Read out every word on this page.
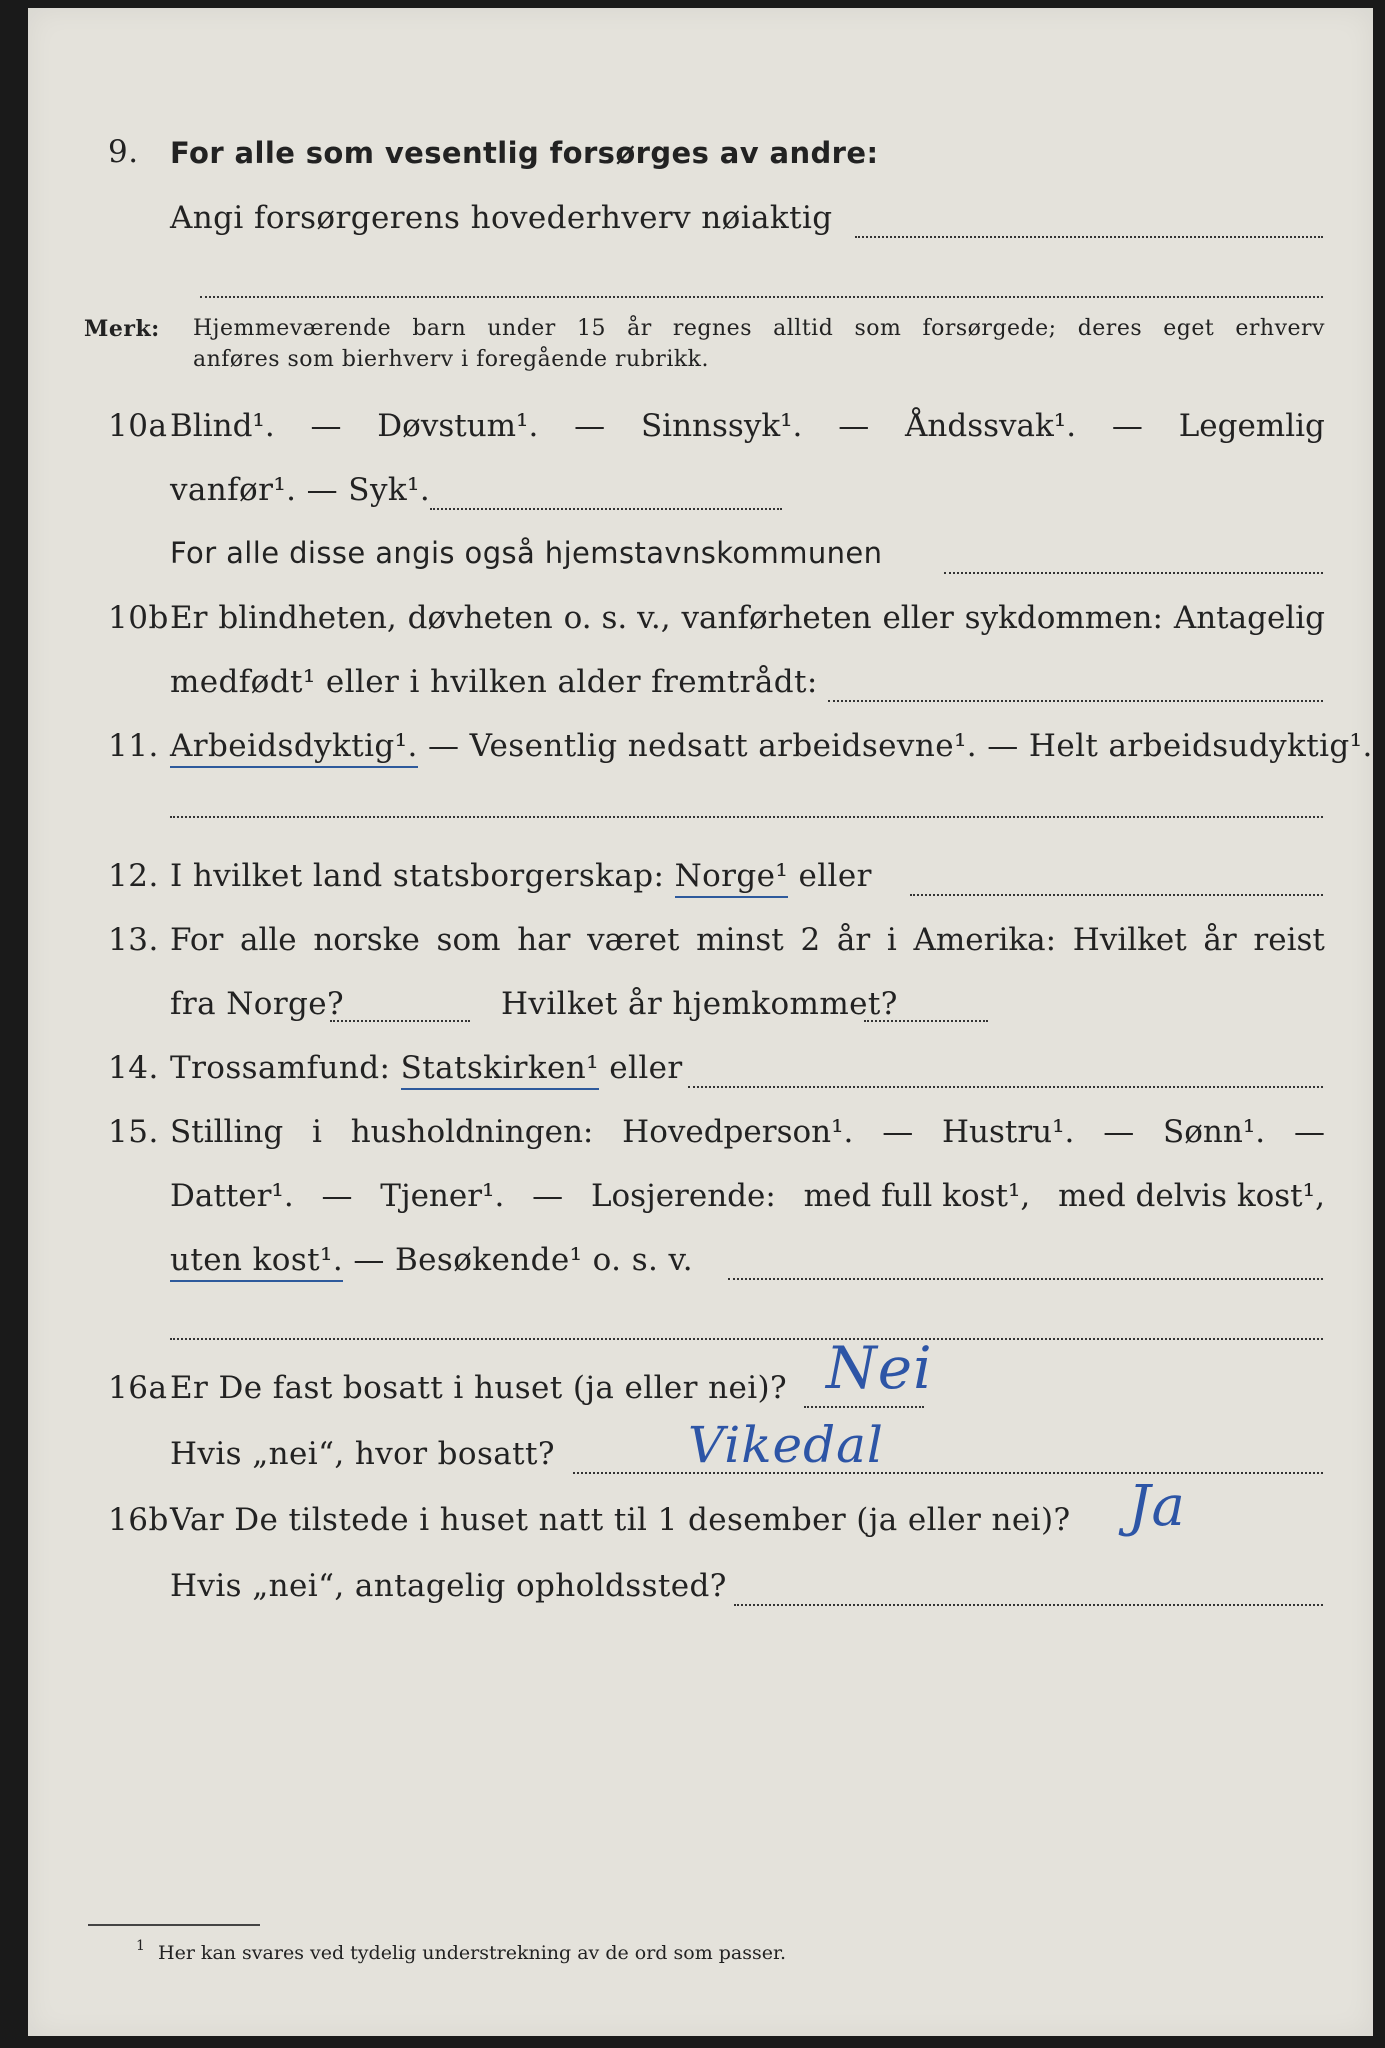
9. For alle som vesentlig forsørges av andre:
Angi forsørgerens hovederhverv nøiaktig
Merk: Hjemmeværende barn under 15 år regnes alltid som forsørgede; deres eget erhverv
anføres som bierhverv i foregående rubrikk.
10a Blind¹. — Døvstum¹. — Sinnssyk¹. — Åndssvak¹. — Legemlig
vanfør¹. — Syk¹.
For alle disse angis også hjemstavnskommunen
10b Er blindheten, døvheten o. s. v., vanførheten eller sykdommen: Antagelig
medfødt¹ eller i hvilken alder fremtrådt:
11. Arbeidsdyktig¹. — Vesentlig nedsatt arbeidsevne¹. — Helt arbeidsudyktig¹.
12. I hvilket land statsborgerskap: Norge¹ eller
13. For alle norske som har været minst 2 år i Amerika: Hvilket år reist
fra Norge?	Hvilket år hjemkommet?
14. Trossamfund: Statskirken¹ eller
15. Stilling i husholdningen: Hovedperson¹. — Hustru¹. — Sønn¹. —
Datter¹. — Tjener¹. — Losjerende: med full kost¹, med delvis kost¹,
uten kost¹. — Besøkende¹ o. s. v.
16a Er De fast bosatt i huset (ja eller nei)? Nei
Hvis „nei“, hvor bosatt?	Vikedal
16b Var De tilstede i huset natt til 1 desember (ja eller nei)? Ja
Hvis „nei“, antagelig opholdssted?
1 Her kan svares ved tydelig understrekning av de ord som passer.
